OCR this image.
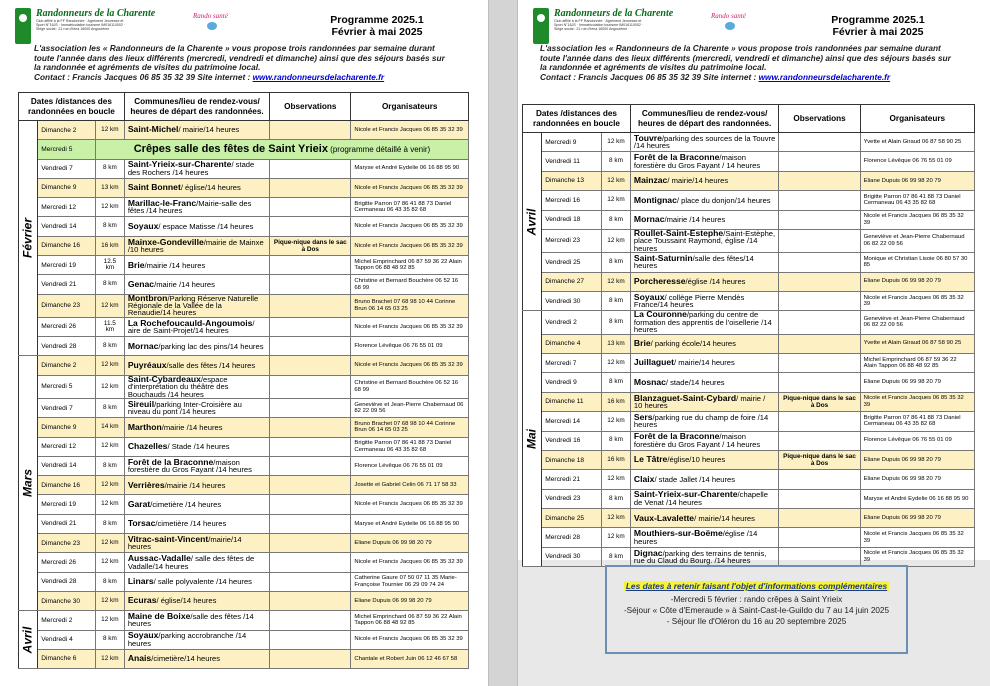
Randonneurs de la Charente
Club affilié à la FF Randonnée · Agrément Jeunesse et Sport N°16JS · Immatriculation tourisme IM016110002 · Siège social : 21 rue d'Iéna 16000 Angoulême
Rando santé	Programme 2025.1
Février à mai 2025
L'association les « Randonneurs de la Charente » vous propose trois randonnées par semaine durant toute l'année dans des lieux différents (mercredi, vendredi et dimanche) ainsi que des séjours basés sur la randonnée et agréments de visites du patrimoine local.
Contact : Francis Jacques 06 85 35 32 39 Site internet : www.randonneursdelacharente.fr
Dates /distances des randonnées en boucle			Communes/lieu de rendez-vous/ heures de départ des randonnées.	Observations	Organisateurs

Février	Dimanche 2	12 km	Saint-Michel/ mairie/14 heures		Nicole et Francis Jacques 06 85 35 32 39
	Mercredi 5	Crêpes salle des fêtes de Saint Yrieix (programme détaillé à venir)			
	Vendredi 7	8 km	Saint-Yrieix-sur-Charente/ stade des Rochers /14 heures		Maryse et André Eydelie 06 16 88 95 90
	Dimanche 9	13 km	Saint Bonnet/ église/14 heures		Nicole et Francis Jacques 06 85 35 32 39
	Mercredi 12	12 km	Marillac-le-Franc/Mairie-salle des fêtes /14 heures		Brigitte Parron 07 86 41 88 73 Daniel Cermaneau 06 43 35 82 68
	Vendredi 14	8 km	Soyaux/ espace Matisse /14 heures		Nicole et Francis Jacques 06 85 35 32 39
	Dimanche 16	16 km	Mainxe-Gondeville/mairie de Mainxe /10 heures	Pique-nique dans le sac à Dos	Nicole et Francis Jacques 06 85 35 32 39
	Mercredi 19	12.5 km	Brie/mairie /14 heures		Michel Emprinchard 06 87 59 36 22 Alain Tappon 06 88 48 92 85
	Vendredi 21	8 km	Genac/mairie /14 heures		Christine et Bernard Bouchère 06 52 16 68 99
	Dimanche 23	12 km	Montbron/Parking Réserve Naturelle Régionale de la Vallée de la Renaudie/14 heures		Bruno Brachet 07 68 98 10 44 Corinne Brun 06 14 65 03 25
	Mercredi 26	11.5 km	La Rochefoucauld-Angoumois/ aire de Saint-Projet/14 heures		Nicole et Francis Jacques 06 85 35 32 39
	Vendredi 28	8 km	Mornac/parking lac des pins/14 heures		Florence Lévêque 06 76 55 01 09

Mars	Dimanche 2	12 km	Puyréaux/salle des fêtes /14 heures		Nicole et Francis Jacques 06 85 35 32 39
	Mercredi 5	12 km	Saint-Cybardeaux/espace d'interprétation du théâtre des Bouchauds /14 heures		Christine et Bernard Bouchère 06 52 16 68 99
	Vendredi 7	8 km	Sireuil/parking Inter-Croisière au niveau du pont /14 heures		Geneviève et Jean-Pierre Chabernaud 06 82 22 09 56
	Dimanche 9	14 km	Marthon/mairie /14 heures		Bruno Brachet 07 68 98 10 44 Corinne Brun 06 14 65 03 25
	Mercredi 12	12 km	Chazelles/ Stade /14 heures		Brigitte Parron 07 86 41 88 73 Daniel Cermaneau 06 43 35 82 68
	Vendredi 14	8 km	Forêt de la Braconne/maison forestière du Gros Fayant /14 heures		Florence Lévêque 06 76 55 01 09
	Dimanche 16	12 km	Verrières/mairie /14 heures		Josette et Gabriel Celin 06 71 17 58 33
	Mercredi 19	12 km	Garat/cimetière /14 heures		Nicole et Francis Jacques 06 85 35 32 39
	Vendredi 21	8 km	Torsac/cimetière /14 heures		Maryse et André Eydelie 06 16 88 95 90
	Dimanche 23	12 km	Vitrac-saint-Vincent/mairie/14 heures		Eliane Dupuis 06 99 98 20 79
	Mercredi 26	12 km	Aussac-Vadalle/ salle des fêtes de Vadalle/14 heures		Nicole et Francis Jacques 06 85 35 32 39
	Vendredi 28	8 km	Linars/ salle polyvalente /14 heures		Catherine Gaure 07 50 07 11 35 Marie-Françoise Tournier 06 29 09 74 24
	Dimanche 30	12 km	Ecuras/ église/14 heures		Eliane Dupuis 06 99 98 20 79

Avril	Mercredi 2	12 km	Maine de Boixe/salle des fêtes /14 heures		Michel Emprinchard 06 87 59 36 22 Alain Tappon 06 88 48 92 85
	Vendredi 4	8 km	Soyaux/parking accrobranche /14 heures		Nicole et Francis Jacques 06 85 35 32 39
	Dimanche 6	12 km	Anais/cimetière/14 heures		Chantale et Robert Juin 06 12 46 67 58
Randonneurs de la Charente
Club affilié à la FF Randonnée · Agrément Jeunesse et Sport N°16JS · Immatriculation tourisme IM016110002 · Siège social : 21 rue d'Iéna 16000 Angoulême
Rando santé	Programme 2025.1
Février à mai 2025
L'association les « Randonneurs de la Charente » vous propose trois randonnées par semaine durant toute l'année dans des lieux différents (mercredi, vendredi et dimanche) ainsi que des séjours basés sur la randonnée et agréments de visites du patrimoine local.
Contact : Francis Jacques 06 85 35 32 39 Site internet : www.randonneursdelacharente.fr
Dates /distances des randonnées en boucle			Communes/lieu de rendez-vous/ heures de départ des randonnées.	Observations	Organisateurs

Avril	Mercredi 9	12 km	Touvre/parking des sources de la Touvre /14 heures		Yvette et Alain Giraud 06 87 58 90 25
	Vendredi 11	8 km	Forêt de la Braconne/maison forestière du Gros Fayant / 14 heures		Florence Lévêque 06 76 55 01 09
	Dimanche 13	12 km	Mainzac/ mairie/14 heures		Eliane Dupuis 06 99 98 20 79
	Mercredi 16	12 km	Montignac/ place du donjon/14 heures		Brigitte Parron 07 86 41 88 73 Daniel Cermaneau 06 43 35 82 68
	Vendredi 18	8 km	Mornac/mairie /14 heures		Nicole et Francis Jacques 06 85 35 32 39
	Mercredi 23	12 km	Roullet-Saint-Estephe/Saint-Estèphe, place Toussaint Raymond, église /14 heures		Geneviève et Jean-Pierre Chabernaud 06 82 22 09 56
	Vendredi 25	8 km	Saint-Saturnin/salle des fêtes/14 heures		Monique et Christian Lisoie 06 80 57 30 85
	Dimanche 27	12 km	Porcheresse/église /14 heures		Eliane Dupuis 06 99 98 20 79
	Vendredi 30	8 km	Soyaux/ collège Pierre Mendès France/14 heures		Nicole et Francis Jacques 06 85 35 32 39

Mai	Vendredi 2	8 km	La Couronne/parking du centre de formation des apprentis de l'oisellerie /14 heures		Geneviève et Jean-Pierre Chabernaud 06 82 22 09 56
	Dimanche 4	13 km	Brie/ parking école/14 heures		Yvette et Alain Giraud 06 87 58 90 25
	Mercredi 7	12 km	Juillaguet/ mairie/14 heures		Michel Emprinchard 06 87 59 36 22 Alain Tappon 06 88 48 92 85
	Vendredi 9	8 km	Mosnac/ stade/14 heures		Eliane Dupuis 06 99 98 20 79
	Dimanche 11	16 km	Blanzaguet-Saint-Cybard/ mairie / 10 heures	Pique-nique dans le sac à Dos	Nicole et Francis Jacques 06 85 35 32 39
	Mercredi 14	12 km	Sers/parking rue du champ de foire /14 heures		Brigitte Parron 07 86 41 88 73 Daniel Cermaneau 06 43 35 82 68
	Vendredi 16	8 km	Forêt de la Braconne/maison forestière du Gros Fayant / 14 heures		Florence Lévêque 06 76 55 01 09
	Dimanche 18	16 km	Le Tâtre/église/10 heures	Pique-nique dans le sac à Dos	Eliane Dupuis 06 99 98 20 79
	Mercredi 21	12 km	Claix/ stade Jallet /14 heures		Eliane Dupuis 06 99 98 20 79
	Vendredi 23	8 km	Saint-Yrieix-sur-Charente/chapelle de Venat /14 heures		Maryse et André Eydelie 06 16 88 95 90
	Dimanche 25	12 km	Vaux-Lavalette/ mairie/14 heures		Eliane Dupuis 06 99 98 20 79
	Mercredi 28	12 km	Mouthiers-sur-Boëme/église /14 heures		Nicole et Francis Jacques 06 85 35 32 39
	Vendredi 30	8 km	Dignac/parking des terrains de tennis, rue du Claud du Bourg. /14 heures		Nicole et Francis Jacques 06 85 35 32 39
Les dates à retenir faisant l'objet d'informations complémentaires
-Mercredi 5 février : rando crêpes à Saint Yrieix
-Séjour « Côte d'Emeraude » à Saint-Cast-le-Guildo du 7 au 14 juin 2025
- Séjour Ile d'Oléron du 16 au 20 septembre 2025
